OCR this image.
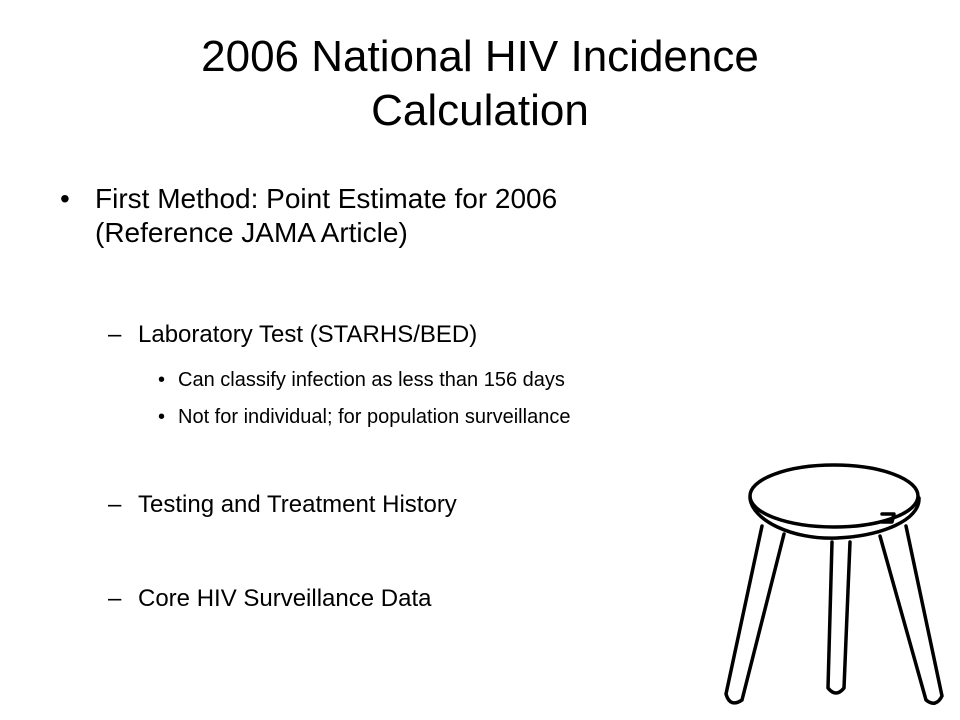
2006 National HIV Incidence
Calculation
• First Method: Point Estimate for 2006
(Reference JAMA Article)
– Laboratory Test (STARHS/BED)
• Can classify infection as less than 156 days
• Not for individual; for population surveillance
– Testing and Treatment History
– Core HIV Surveillance Data
